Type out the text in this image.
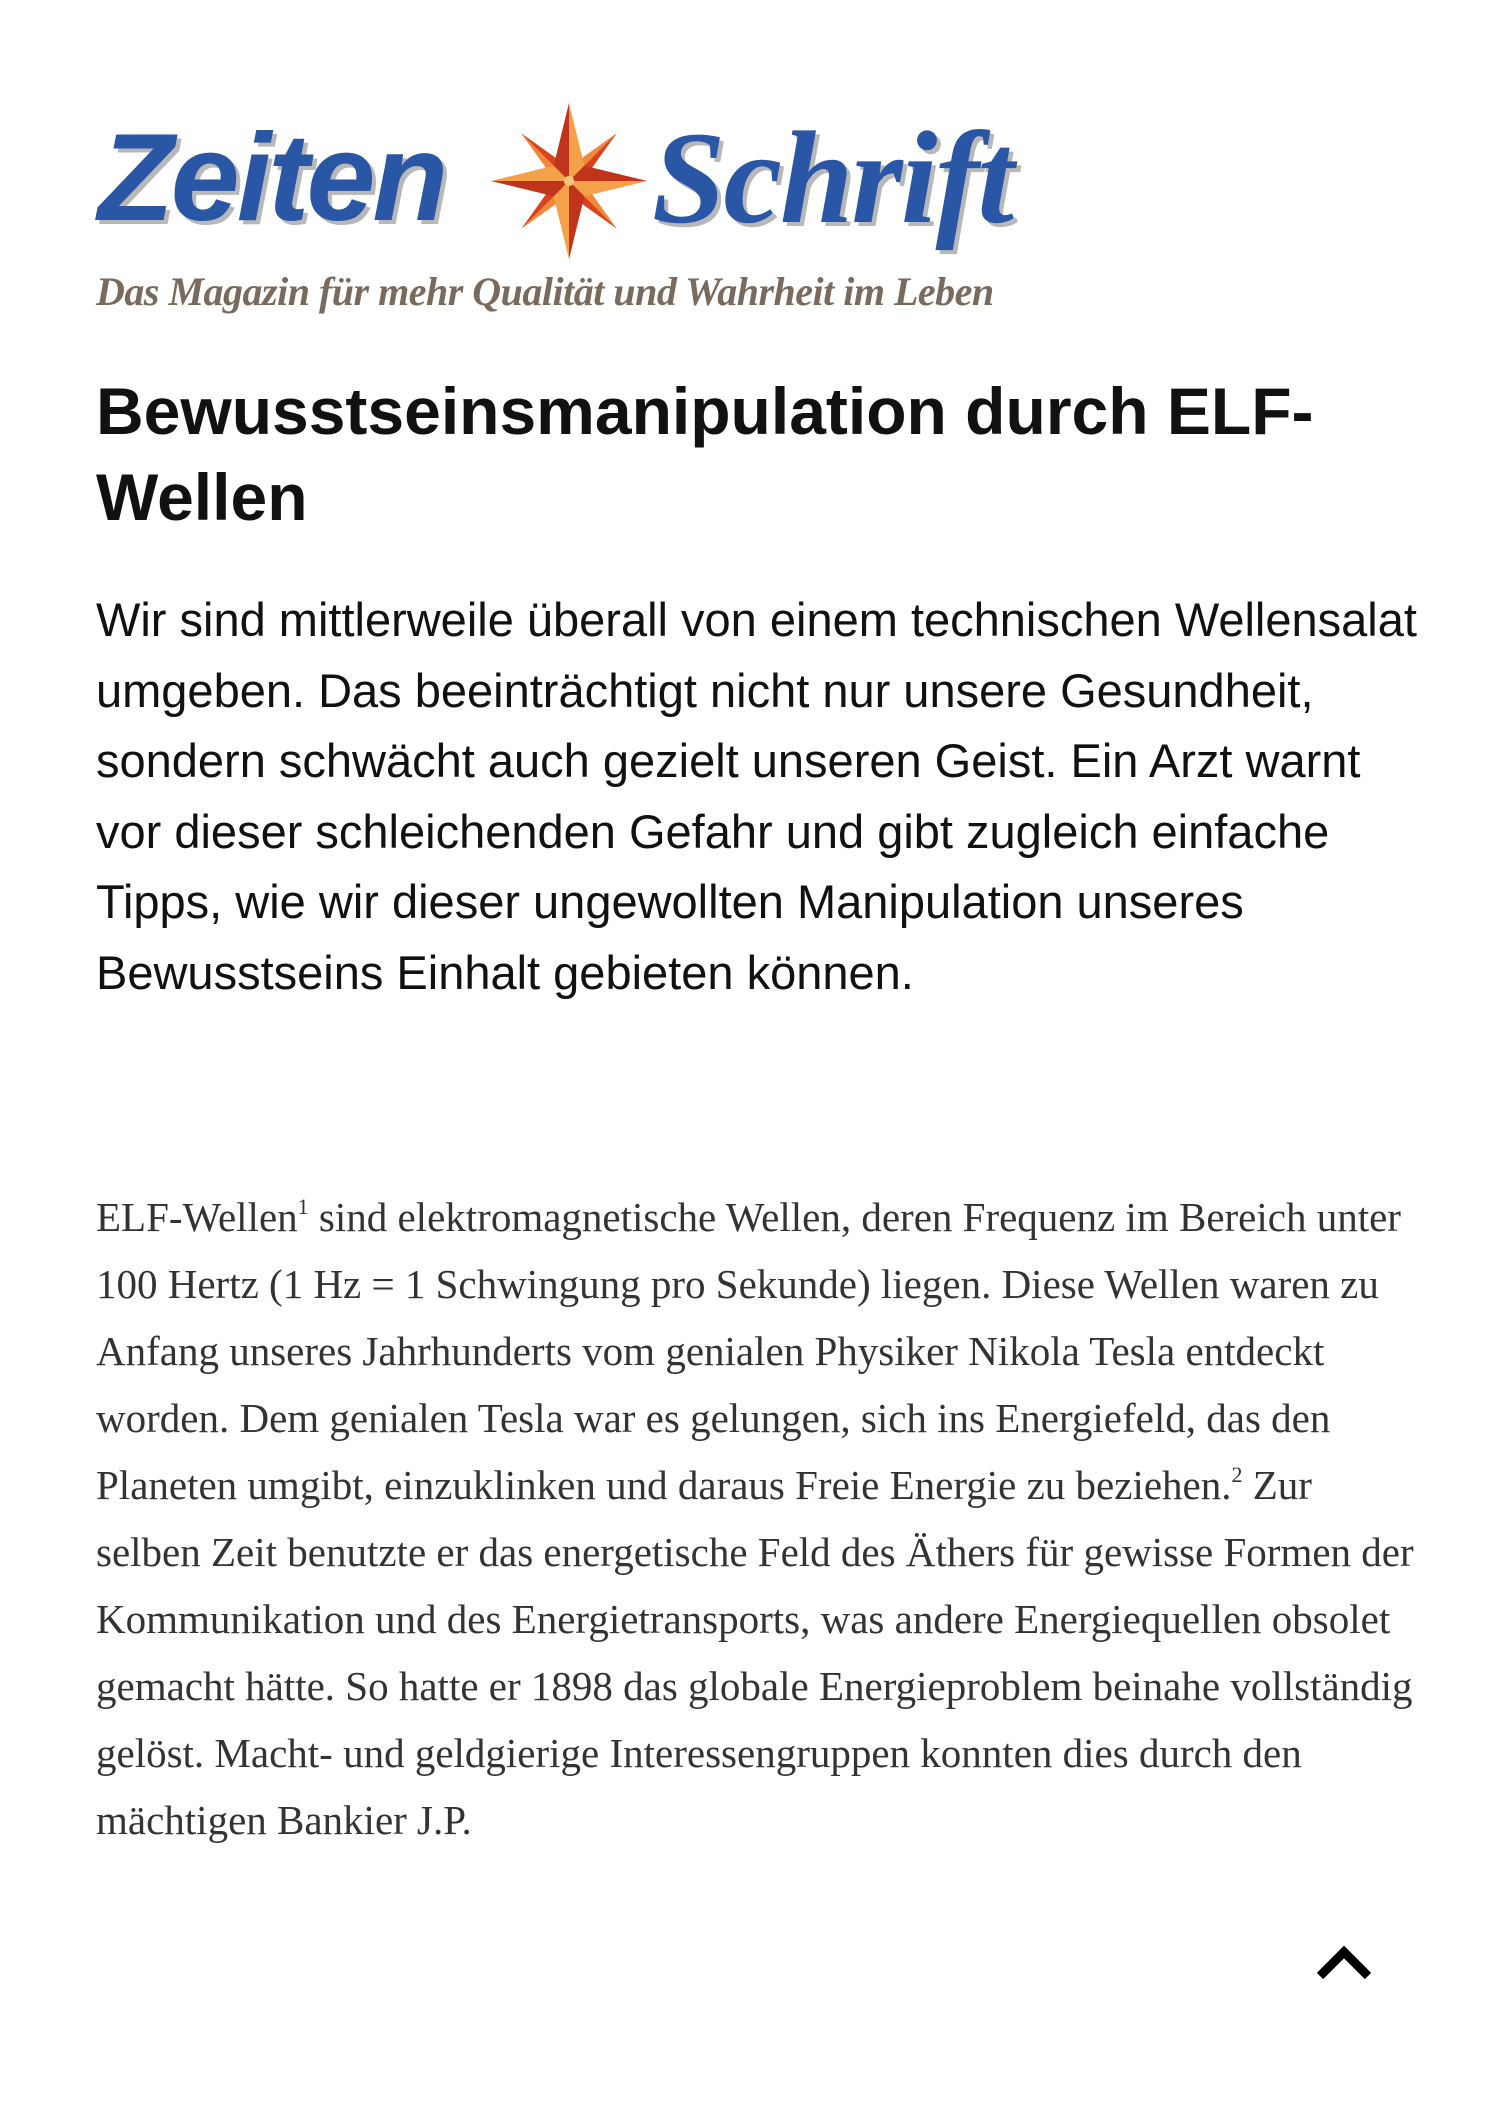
Zeiten Schrift
Das Magazin für mehr Qualität und Wahrheit im Leben
Bewusstseinsmanipulation durch ELF-Wellen

Wir sind mittlerweile überall von einem technischen Wellensalat umgeben. Das beeinträchtigt nicht nur unsere Gesundheit, sondern schwächt auch gezielt unseren Geist. Ein Arzt warnt vor dieser schleichenden Gefahr und gibt zugleich einfache Tipps, wie wir dieser ungewollten Manipulation unseres Bewusstseins Einhalt gebieten können.

ELF-Wellen$^1$ sind elektromagnetische Wellen, deren Frequenz im Bereich unter 100 Hertz (1 Hz = 1 Schwingung pro Sekunde) liegen. Diese Wellen waren zu Anfang unseres Jahrhunderts vom genialen Physiker Nikola Tesla entdeckt worden. Dem genialen Tesla war es gelungen, sich ins Energiefeld, das den Planeten umgibt, einzuklinken und daraus Freie Energie zu beziehen.$^2$ Zur selben Zeit benutzte er das energetische Feld des Äthers für gewisse Formen der Kommunikation und des Energietransports, was andere Energiequellen obsolet gemacht hätte. So hatte er 1898 das globale Energieproblem beinahe vollständig gelöst. Macht- und geldgierige Interessengruppen konnten dies durch den mächtigen Bankier J.P.
